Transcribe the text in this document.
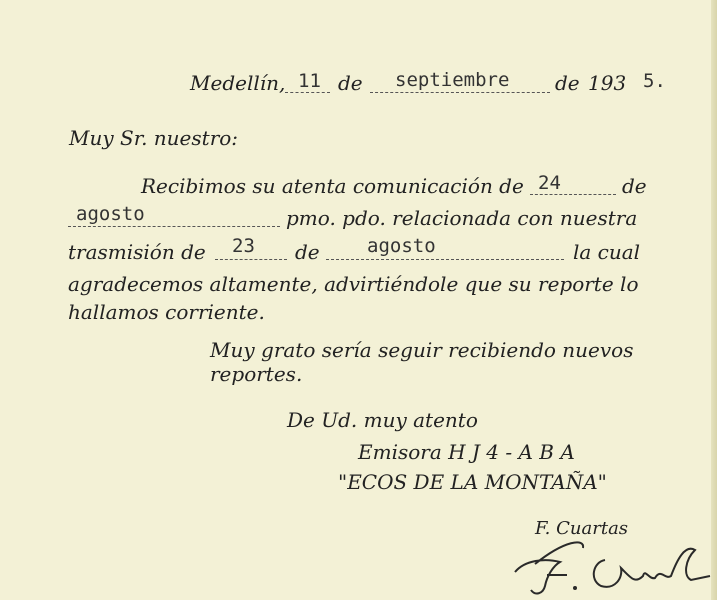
Medellín, 11 de septiembre de 193 5.
Muy Sr. nuestro:
Recibimos su atenta comunicación de 24	de
agosto	pmo. pdo. relacionada con nuestra
trasmisión de 23 de agosto	la cual
agradecemos altamente, advirtiéndole que su reporte lo
hallamos corriente.
Muy grato sería seguir recibiendo nuevos
reportes.
De Ud. muy atento
Emisora H J 4 - A B A
"ECOS DE LA MONTAÑA"
F. Cuartas
